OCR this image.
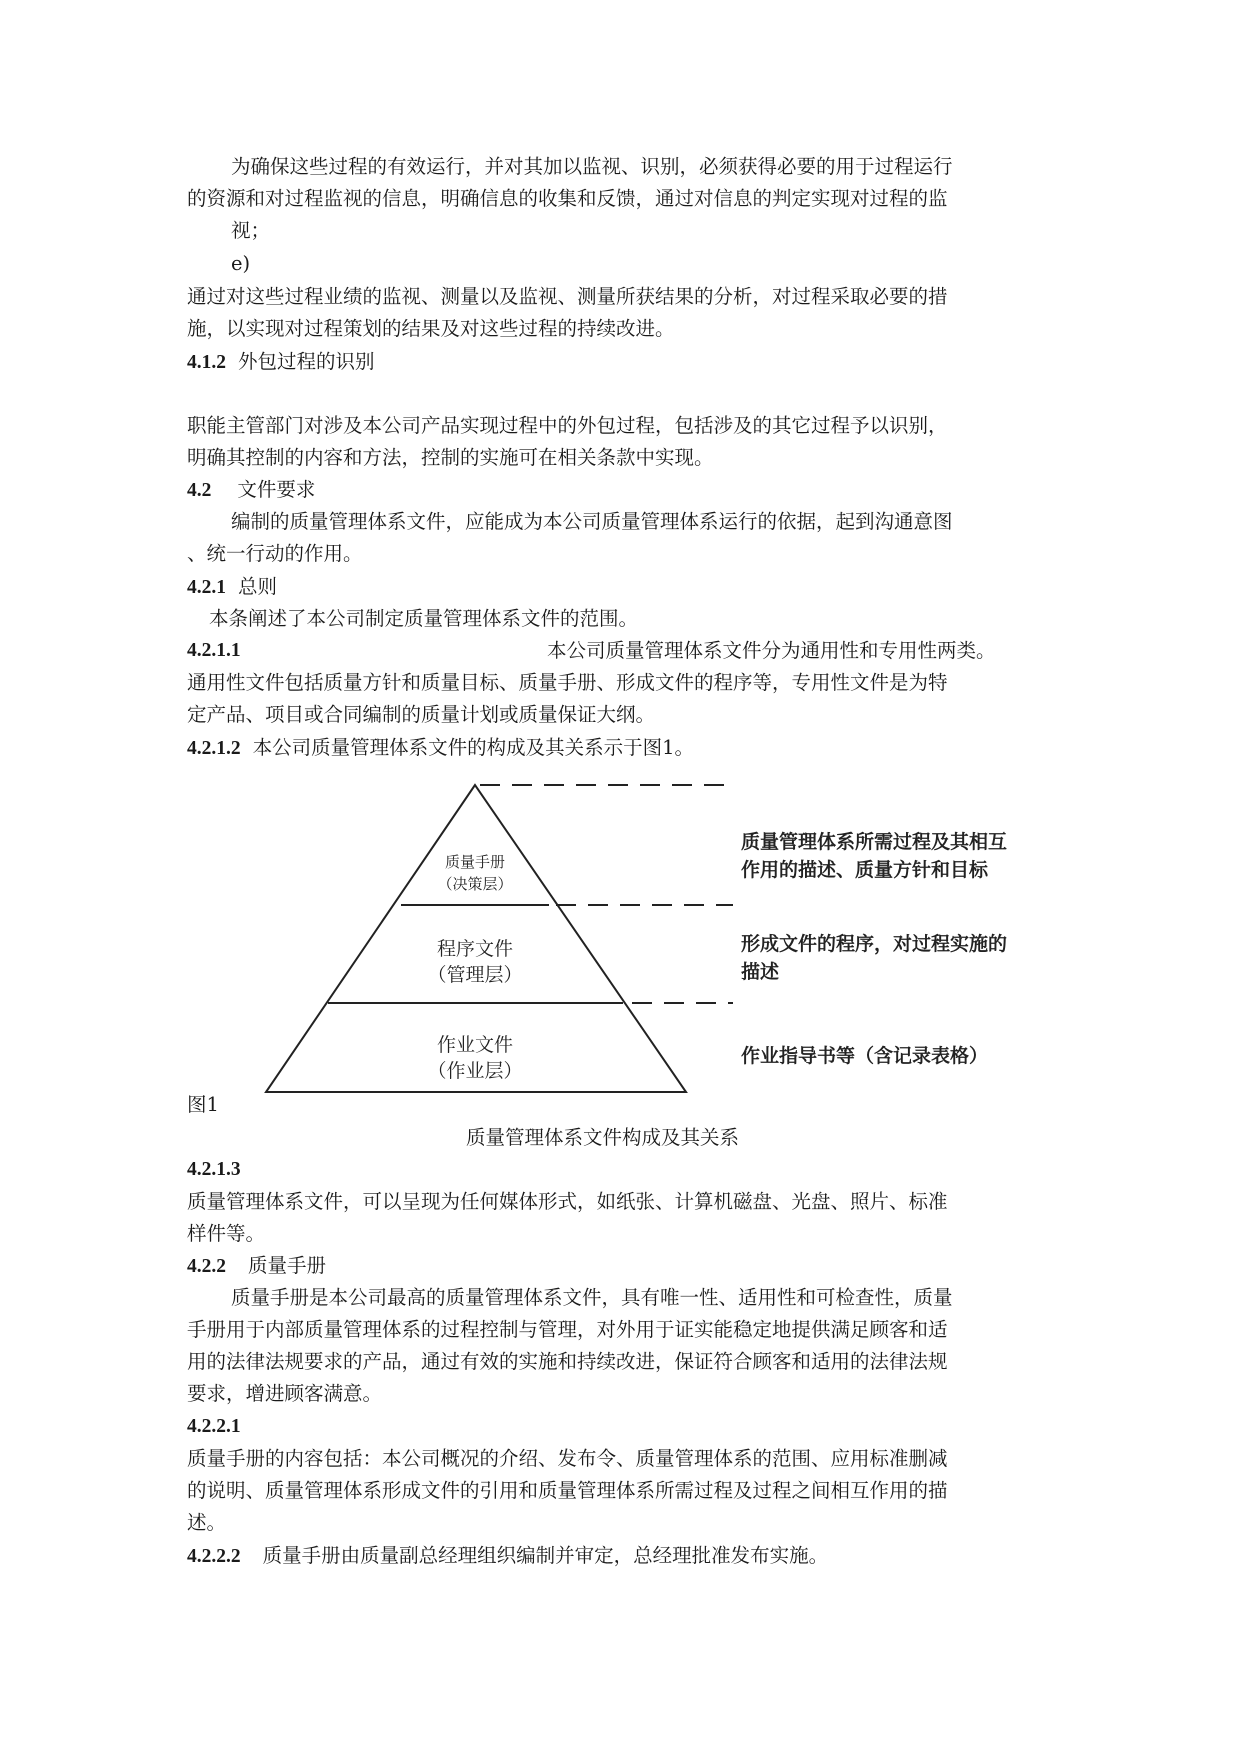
为确保这些过程的有效运行，并对其加以监视、识别，必须获得必要的用于过程运行
的资源和对过程监视的信息，明确信息的收集和反馈，通过对信息的判定实现对过程的监
视；
e)
通过对这些过程业绩的监视、测量以及监视、测量所获结果的分析，对过程采取必要的措
施，以实现对过程策划的结果及对这些过程的持续改进。
4.1.2 外包过程的识别
职能主管部门对涉及本公司产品实现过程中的外包过程，包括涉及的其它过程予以识别，
明确其控制的内容和方法，控制的实施可在相关条款中实现。
4.2 文件要求
编制的质量管理体系文件，应能成为本公司质量管理体系运行的依据，起到沟通意图
、统一行动的作用。
4.2.1 总则
本条阐述了本公司制定质量管理体系文件的范围。
4.2.1.1	本公司质量管理体系文件分为通用性和专用性两类。
通用性文件包括质量方针和质量目标、质量手册、形成文件的程序等，专用性文件是为特
定产品、项目或合同编制的质量计划或质量保证大纲。
4.2.1.2 本公司质量管理体系文件的构成及其关系示于图1。
质量手册
（决策层）
程序文件
（管理层）
作业文件
（作业层）
质量管理体系所需过程及其相互
作用的描述、质量方针和目标
形成文件的程序，对过程实施的
描述
作业指导书等（含记录表格）
图1
质量管理体系文件构成及其关系
4.2.1.3
质量管理体系文件，可以呈现为任何媒体形式，如纸张、计算机磁盘、光盘、照片、标准
样件等。
4.2.2 质量手册
质量手册是本公司最高的质量管理体系文件，具有唯一性、适用性和可检查性，质量
手册用于内部质量管理体系的过程控制与管理，对外用于证实能稳定地提供满足顾客和适
用的法律法规要求的产品，通过有效的实施和持续改进，保证符合顾客和适用的法律法规
要求，增进顾客满意。
4.2.2.1
质量手册的内容包括：本公司概况的介绍、发布令、质量管理体系的范围、应用标准删减
的说明、质量管理体系形成文件的引用和质量管理体系所需过程及过程之间相互作用的描
述。
4.2.2.2 质量手册由质量副总经理组织编制并审定，总经理批准发布实施。
